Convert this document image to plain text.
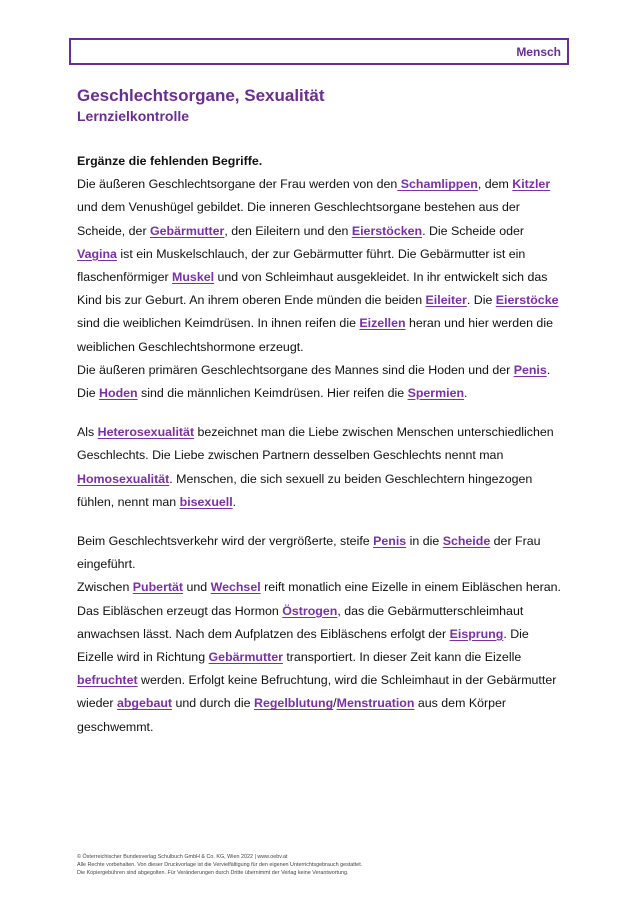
Mensch
Geschlechtsorgane, Sexualität
Lernzielkontrolle
Ergänze die fehlenden Begriffe.

Die äußeren Geschlechtsorgane der Frau werden von den Schamlippen, dem Kitzler und dem Venushügel gebildet. Die inneren Geschlechtsorgane bestehen aus der Scheide, der Gebärmutter, den Eileitern und den Eierstöcken. Die Scheide oder Vagina ist ein Muskelschlauch, der zur Gebärmutter führt. Die Gebärmutter ist ein flaschenförmiger Muskel und von Schleimhaut ausgekleidet. In ihr entwickelt sich das Kind bis zur Geburt. An ihrem oberen Ende münden die beiden Eileiter. Die Eierstöcke sind die weiblichen Keimdrüsen. In ihnen reifen die Eizellen heran und hier werden die weiblichen Geschlechtshormone erzeugt.

Die äußeren primären Geschlechtsorgane des Mannes sind die Hoden und der Penis. Die Hoden sind die männlichen Keimdrüsen. Hier reifen die Spermien.

Als Heterosexualität bezeichnet man die Liebe zwischen Menschen unterschiedlichen Geschlechts. Die Liebe zwischen Partnern desselben Geschlechts nennt man Homosexualität. Menschen, die sich sexuell zu beiden Geschlechtern hingezogen fühlen, nennt man bisexuell.

Beim Geschlechtsverkehr wird der vergrößerte, steife Penis in die Scheide der Frau eingeführt.

Zwischen Pubertät und Wechsel reift monatlich eine Eizelle in einem Eibläschen heran. Das Eibläschen erzeugt das Hormon Östrogen, das die Gebärmutterschleimhaut anwachsen lässt. Nach dem Aufplatzen des Eibläschens erfolgt der Eisprung. Die Eizelle wird in Richtung Gebärmutter transportiert. In dieser Zeit kann die Eizelle befruchtet werden. Erfolgt keine Befruchtung, wird die Schleimhaut in der Gebärmutter wieder abgebaut und durch die Regelblutung/Menstruation aus dem Körper geschwemmt.

© Österreichischer Bundesverlag Schulbuch GmbH & Co. KG, Wien 2022 | www.oebv.at
Alle Rechte vorbehalten. Von dieser Druckvorlage ist die Vervielfältigung für den eigenen Unterrichtsgebrauch gestattet.
Die Kopiergebühren sind abgegolten. Für Veränderungen durch Dritte übernimmt der Verlag keine Verantwortung.
